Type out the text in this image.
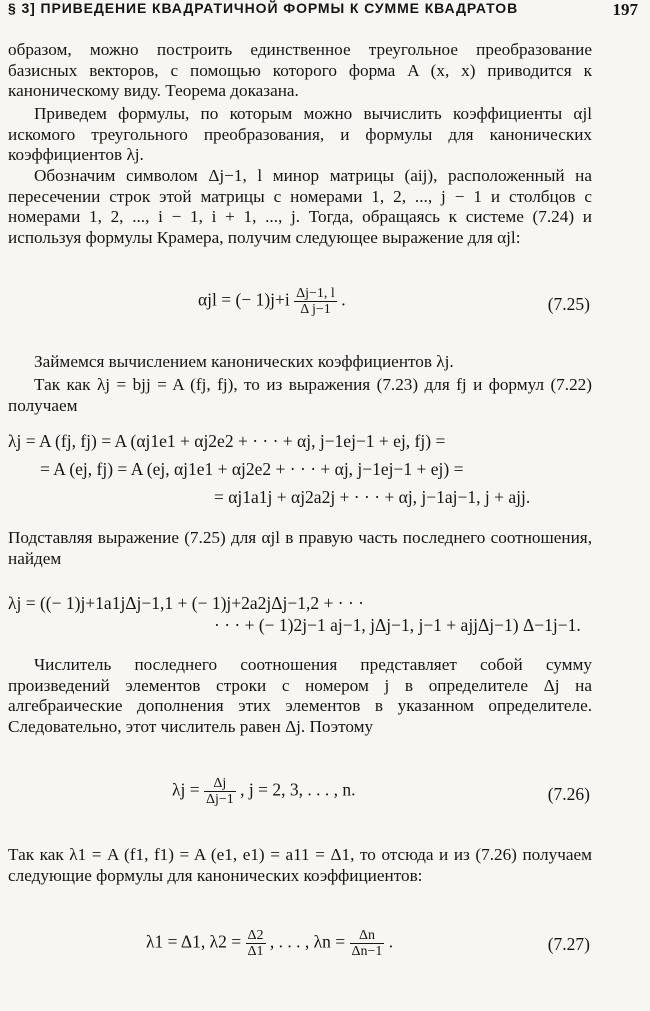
§ 3] ПРИВЕДЕНИЕ КВАДРАТИЧНОЙ ФОРМЫ К СУММЕ КВАДРАТОВ	197

образом, можно построить единственное треугольное преобразование базисных векторов, с помощью которого форма A (x, x) приводится к каноническому виду. Теорема доказана.

Приведем формулы, по которым можно вычислить коэффициенты αjl искомого треугольного преобразования, и формулы для канонических коэффициентов λj.

Обозначим символом Δj−1, l минор матрицы (aij), расположенный на пересечении строк этой матрицы с номерами 1, 2, ..., j − 1 и столбцов с номерами 1, 2, ..., i − 1, i + 1, ..., j. Тогда, обращаясь к системе (7.24) и используя формулы Крамера, получим следующее выражение для αjl:

αjl = (− $1)j+i \frac{\Delta j-1, l}{\text{Δ j−1}}$ .	(7.25)

Займемся вычислением канонических коэффициентов λj.

Так как λj = bjj = A (fj, fj), то из выражения (7.23) для fj и формул (7.22) получаем

λj = A (fj, fj) = A (αj1e1 + αj2e2 + · · · + αj, j−1ej−1 + ej, fj) =
= A (ej, fj) = A (ej, αj1e1 + αj2e2 + · · · + αj, j−1ej−1 + ej) =
= αj1a1j + αj2a2j + · · · + αj, j−1aj−1, j + ajj.

Подставляя выражение (7.25) для αjl в правую часть последнего соотношения, найдем

λj = ((− 1)j+1a1jΔj−1,1 + (− 1)j+2a2jΔj−1,2 + · · ·
· · · + (− 1)2j−1 aj−1, jΔj−1, j−1 + ajjΔj−1) Δ−1j−1.

Числитель последнего соотношения представляет собой сумму произведений элементов строки с номером j в определителе Δj на алгебраические дополнения этих элементов в указанном определителе. Следовательно, этот числитель равен Δj. Поэтому

$\lambda j = \frac{\Delta j}{\Delta j-1}$ , j = 2, 3, . . . , n.	(7.26)

Так как λ1 = A (f1, f1) = A (e1, e1) = a11 = Δ1, то отсюда и из (7.26) получаем следующие формулы для канонических коэффициентов:

λ1 = Δ1, $\lambda 2 = \frac{\Delta 2}{\Delta 1}$ , . . . , $\lambda n = \frac{\Delta n}{\Delta n-1}$ .	(7.27)
